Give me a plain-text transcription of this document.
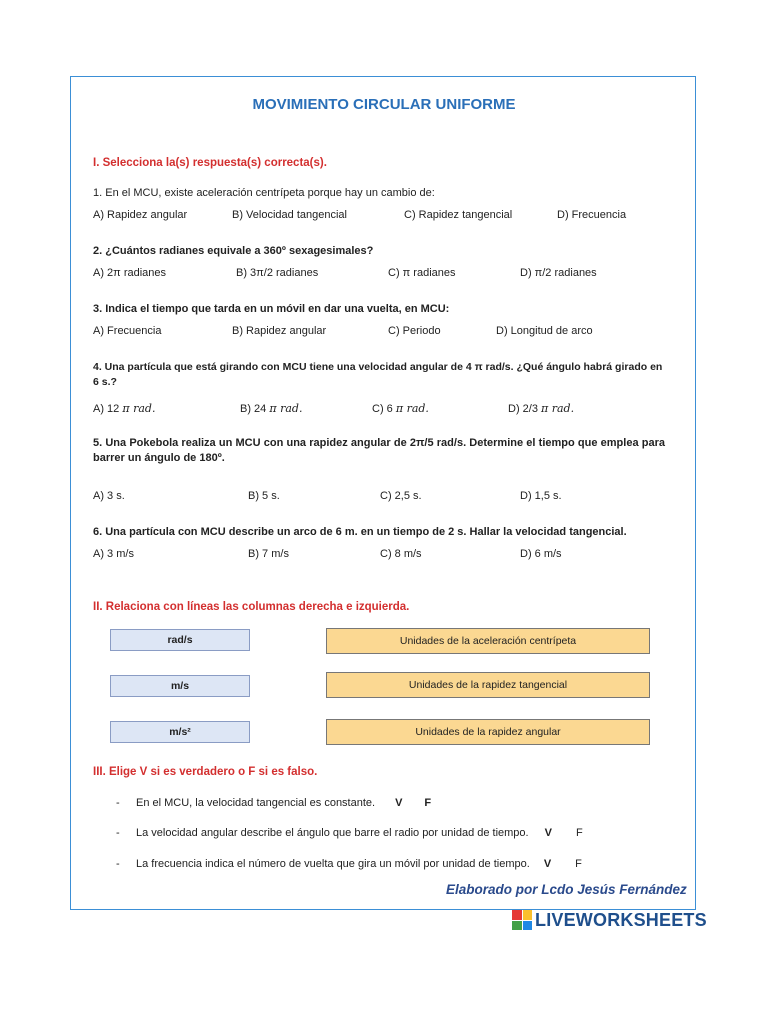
MOVIMIENTO CIRCULAR UNIFORME
I. Selecciona la(s) respuesta(s) correcta(s).
1. En el MCU, existe aceleración centrípeta porque hay un cambio de:
A) Rapidez angular	B) Velocidad tangencial	C) Rapidez tangencial	D) Frecuencia
2. ¿Cuántos radianes equivale a 360º sexagesimales?
A) 2π radianes	B) 3π/2 radianes	C) π radianes	D) π/2 radianes
3. Indica el tiempo que tarda en un móvil en dar una vuelta, en MCU:
A) Frecuencia	B) Rapidez angular	C) Periodo	D) Longitud de arco
4. Una partícula que está girando con MCU tiene una velocidad angular de 4 π rad/s. ¿Qué ángulo habrá girado en 6 s.?
A) 12 π rad.	B) 24 π rad.	C) 6 π rad.	D) 2/3 π rad.
5. Una Pokebola realiza un MCU con una rapidez angular de 2π/5 rad/s. Determine el tiempo que emplea para barrer un ángulo de 180º.
A) 3 s.	B) 5 s.	C) 2,5 s.	D) 1,5 s.
6. Una partícula con MCU describe un arco de 6 m. en un tiempo de 2 s. Hallar la velocidad tangencial.
A) 3 m/s	B) 7 m/s	C) 8 m/s	D) 6 m/s
II. Relaciona con líneas las columnas derecha e izquierda.
rad/s
m/s
m/s²
Unidades de la aceleración centrípeta
Unidades de la rapidez tangencial
Unidades de la rapidez angular
III. Elige V si es verdadero o F si es falso.
- En el MCU, la velocidad tangencial es constante. V F
- La velocidad angular describe el ángulo que barre el radio por unidad de tiempo. V F
- La frecuencia indica el número de vuelta que gira un móvil por unidad de tiempo. V F
Elaborado por Lcdo Jesús Fernández
LIVEWORKSHEETS
